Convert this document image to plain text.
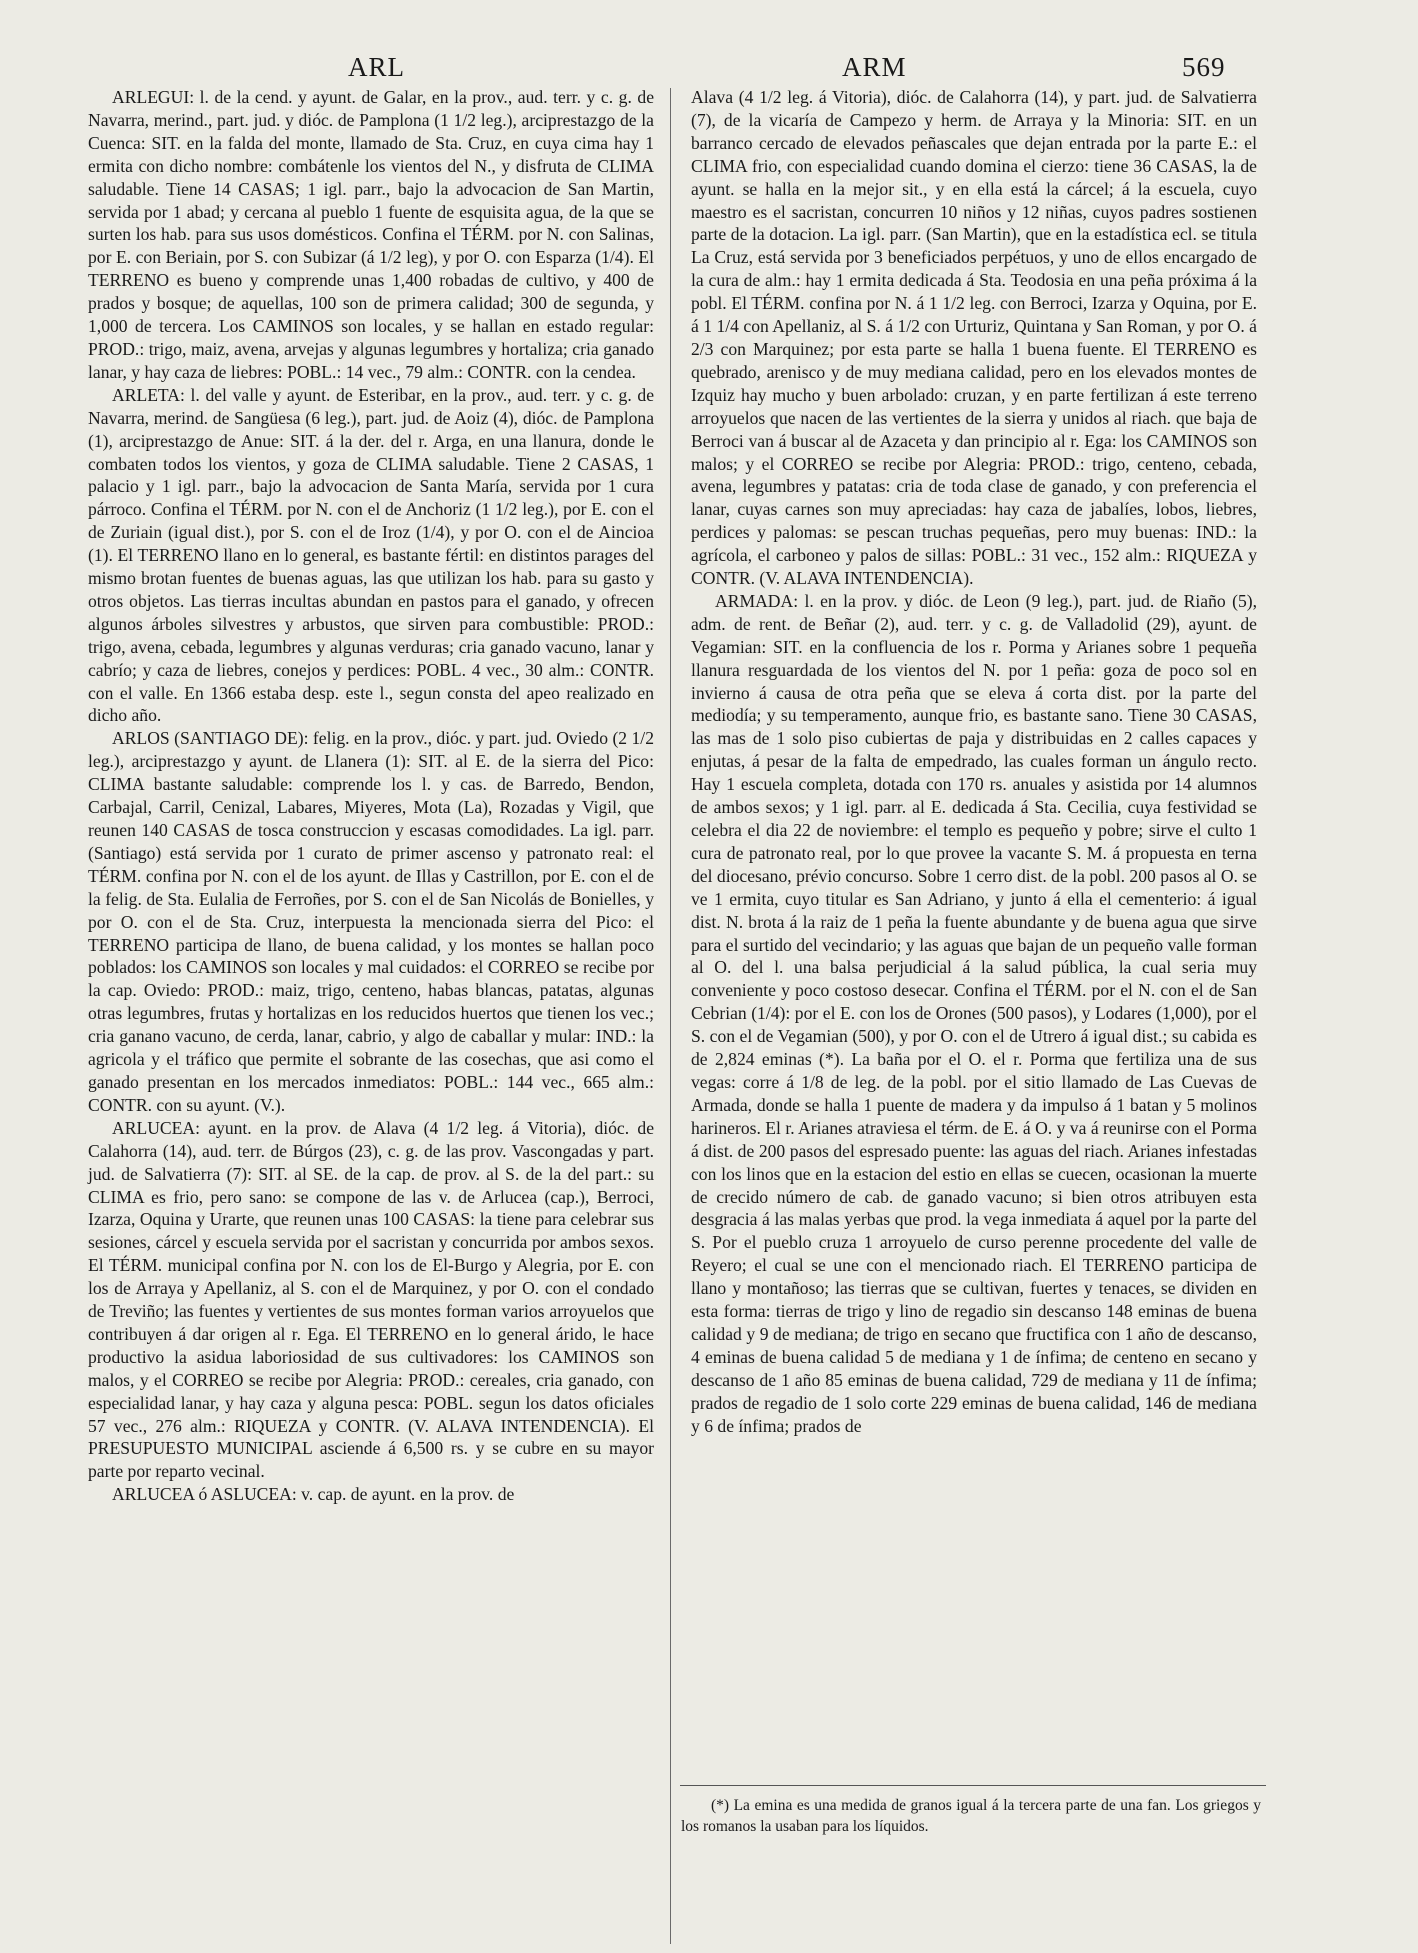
ARL	ARM	569

ARLEGUI: l. de la cend. y ayunt. de Galar, en la prov., aud. terr. y c. g. de Navarra, merind., part. jud. y dióc. de Pamplona (1 1/2 leg.), arciprestazgo de la Cuenca: SIT. en la falda del monte, llamado de Sta. Cruz, en cuya cima hay 1 ermita con dicho nombre: combátenle los vientos del N., y disfruta de CLIMA saludable. Tiene 14 CASAS; 1 igl. parr., bajo la advocacion de San Martin, servida por 1 abad; y cercana al pueblo 1 fuente de esquisita agua, de la que se surten los hab. para sus usos domésticos. Confina el TÉRM. por N. con Salinas, por E. con Beriain, por S. con Subizar (á 1/2 leg), y por O. con Esparza (1/4). El TERRENO es bueno y comprende unas 1,400 robadas de cultivo, y 400 de prados y bosque; de aquellas, 100 son de primera calidad; 300 de segunda, y 1,000 de tercera. Los CAMINOS son locales, y se hallan en estado regular: PROD.: trigo, maiz, avena, arvejas y algunas legumbres y hortaliza; cria ganado lanar, y hay caza de liebres: POBL.: 14 vec., 79 alm.: CONTR. con la cendea.

ARLETA: l. del valle y ayunt. de Esteribar, en la prov., aud. terr. y c. g. de Navarra, merind. de Sangüesa (6 leg.), part. jud. de Aoiz (4), dióc. de Pamplona (1), arciprestazgo de Anue: SIT. á la der. del r. Arga, en una llanura, donde le combaten todos los vientos, y goza de CLIMA saludable. Tiene 2 CASAS, 1 palacio y 1 igl. parr., bajo la advocacion de Santa María, servida por 1 cura párroco. Confina el TÉRM. por N. con el de Anchoriz (1 1/2 leg.), por E. con el de Zuriain (igual dist.), por S. con el de Iroz (1/4), y por O. con el de Aincioa (1). El TERRENO llano en lo general, es bastante fértil: en distintos parages del mismo brotan fuentes de buenas aguas, las que utilizan los hab. para su gasto y otros objetos. Las tierras incultas abundan en pastos para el ganado, y ofrecen algunos árboles silvestres y arbustos, que sirven para combustible: PROD.: trigo, avena, cebada, legumbres y algunas verduras; cria ganado vacuno, lanar y cabrío; y caza de liebres, conejos y perdices: POBL. 4 vec., 30 alm.: CONTR. con el valle. En 1366 estaba desp. este l., segun consta del apeo realizado en dicho año.

ARLOS (SANTIAGO DE): felig. en la prov., dióc. y part. jud. Oviedo (2 1/2 leg.), arciprestazgo y ayunt. de Llanera (1): SIT. al E. de la sierra del Pico: CLIMA bastante saludable: comprende los l. y cas. de Barredo, Bendon, Carbajal, Carril, Cenizal, Labares, Miyeres, Mota (La), Rozadas y Vigil, que reunen 140 CASAS de tosca construccion y escasas comodidades. La igl. parr. (Santiago) está servida por 1 curato de primer ascenso y patronato real: el TÉRM. confina por N. con el de los ayunt. de Illas y Castrillon, por E. con el de la felig. de Sta. Eulalia de Ferroñes, por S. con el de San Nicolás de Bonielles, y por O. con el de Sta. Cruz, interpuesta la mencionada sierra del Pico: el TERRENO participa de llano, de buena calidad, y los montes se hallan poco poblados: los CAMINOS son locales y mal cuidados: el CORREO se recibe por la cap. Oviedo: PROD.: maiz, trigo, centeno, habas blancas, patatas, algunas otras legumbres, frutas y hortalizas en los reducidos huertos que tienen los vec.; cria ganano vacuno, de cerda, lanar, cabrio, y algo de caballar y mular: IND.: la agricola y el tráfico que permite el sobrante de las cosechas, que asi como el ganado presentan en los mercados inmediatos: POBL.: 144 vec., 665 alm.: CONTR. con su ayunt. (V.).

ARLUCEA: ayunt. en la prov. de Alava (4 1/2 leg. á Vitoria), dióc. de Calahorra (14), aud. terr. de Búrgos (23), c. g. de las prov. Vascongadas y part. jud. de Salvatierra (7): SIT. al SE. de la cap. de prov. al S. de la del part.: su CLIMA es frio, pero sano: se compone de las v. de Arlucea (cap.), Berroci, Izarza, Oquina y Urarte, que reunen unas 100 CASAS: la tiene para celebrar sus sesiones, cárcel y escuela servida por el sacristan y concurrida por ambos sexos. El TÉRM. municipal confina por N. con los de El-Burgo y Alegria, por E. con los de Arraya y Apellaniz, al S. con el de Marquinez, y por O. con el condado de Treviño; las fuentes y vertientes de sus montes forman varios arroyuelos que contribuyen á dar origen al r. Ega. El TERRENO en lo general árido, le hace productivo la asidua laboriosidad de sus cultivadores: los CAMINOS son malos, y el CORREO se recibe por Alegria: PROD.: cereales, cria ganado, con especialidad lanar, y hay caza y alguna pesca: POBL. segun los datos oficiales 57 vec., 276 alm.: RIQUEZA y CONTR. (V. ALAVA INTENDENCIA). El PRESUPUESTO MUNICIPAL asciende á 6,500 rs. y se cubre en su mayor parte por reparto vecinal.

ARLUCEA ó ASLUCEA: v. cap. de ayunt. en la prov. de

Alava (4 1/2 leg. á Vitoria), dióc. de Calahorra (14), y part. jud. de Salvatierra (7), de la vicaría de Campezo y herm. de Arraya y la Minoria: SIT. en un barranco cercado de elevados peñascales que dejan entrada por la parte E.: el CLIMA frio, con especialidad cuando domina el cierzo: tiene 36 CASAS, la de ayunt. se halla en la mejor sit., y en ella está la cárcel; á la escuela, cuyo maestro es el sacristan, concurren 10 niños y 12 niñas, cuyos padres sostienen parte de la dotacion. La igl. parr. (San Martin), que en la estadística ecl. se titula La Cruz, está servida por 3 beneficiados perpétuos, y uno de ellos encargado de la cura de alm.: hay 1 ermita dedicada á Sta. Teodosia en una peña próxima á la pobl. El TÉRM. confina por N. á 1 1/2 leg. con Berroci, Izarza y Oquina, por E. á 1 1/4 con Apellaniz, al S. á 1/2 con Urturiz, Quintana y San Roman, y por O. á 2/3 con Marquinez; por esta parte se halla 1 buena fuente. El TERRENO es quebrado, arenisco y de muy mediana calidad, pero en los elevados montes de Izquiz hay mucho y buen arbolado: cruzan, y en parte fertilizan á este terreno arroyuelos que nacen de las vertientes de la sierra y unidos al riach. que baja de Berroci van á buscar al de Azaceta y dan principio al r. Ega: los CAMINOS son malos; y el CORREO se recibe por Alegria: PROD.: trigo, centeno, cebada, avena, legumbres y patatas: cria de toda clase de ganado, y con preferencia el lanar, cuyas carnes son muy apreciadas: hay caza de jabalíes, lobos, liebres, perdices y palomas: se pescan truchas pequeñas, pero muy buenas: IND.: la agrícola, el carboneo y palos de sillas: POBL.: 31 vec., 152 alm.: RIQUEZA y CONTR. (V. ALAVA INTENDENCIA).

ARMADA: l. en la prov. y dióc. de Leon (9 leg.), part. jud. de Riaño (5), adm. de rent. de Beñar (2), aud. terr. y c. g. de Valladolid (29), ayunt. de Vegamian: SIT. en la confluencia de los r. Porma y Arianes sobre 1 pequeña llanura resguardada de los vientos del N. por 1 peña: goza de poco sol en invierno á causa de otra peña que se eleva á corta dist. por la parte del mediodía; y su temperamento, aunque frio, es bastante sano. Tiene 30 CASAS, las mas de 1 solo piso cubiertas de paja y distribuidas en 2 calles capaces y enjutas, á pesar de la falta de empedrado, las cuales forman un ángulo recto. Hay 1 escuela completa, dotada con 170 rs. anuales y asistida por 14 alumnos de ambos sexos; y 1 igl. parr. al E. dedicada á Sta. Cecilia, cuya festividad se celebra el dia 22 de noviembre: el templo es pequeño y pobre; sirve el culto 1 cura de patronato real, por lo que provee la vacante S. M. á propuesta en terna del diocesano, prévio concurso. Sobre 1 cerro dist. de la pobl. 200 pasos al O. se ve 1 ermita, cuyo titular es San Adriano, y junto á ella el cementerio: á igual dist. N. brota á la raiz de 1 peña la fuente abundante y de buena agua que sirve para el surtido del vecindario; y las aguas que bajan de un pequeño valle forman al O. del l. una balsa perjudicial á la salud pública, la cual seria muy conveniente y poco costoso desecar. Confina el TÉRM. por el N. con el de San Cebrian (1/4): por el E. con los de Orones (500 pasos), y Lodares (1,000), por el S. con el de Vegamian (500), y por O. con el de Utrero á igual dist.; su cabida es de 2,824 eminas (*). La baña por el O. el r. Porma que fertiliza una de sus vegas: corre á 1/8 de leg. de la pobl. por el sitio llamado de Las Cuevas de Armada, donde se halla 1 puente de madera y da impulso á 1 batan y 5 molinos harineros. El r. Arianes atraviesa el térm. de E. á O. y va á reunirse con el Porma á dist. de 200 pasos del espresado puente: las aguas del riach. Arianes infestadas con los linos que en la estacion del estio en ellas se cuecen, ocasionan la muerte de crecido número de cab. de ganado vacuno; si bien otros atribuyen esta desgracia á las malas yerbas que prod. la vega inmediata á aquel por la parte del S. Por el pueblo cruza 1 arroyuelo de curso perenne procedente del valle de Reyero; el cual se une con el mencionado riach. El TERRENO participa de llano y montañoso; las tierras que se cultivan, fuertes y tenaces, se dividen en esta forma: tierras de trigo y lino de regadio sin descanso 148 eminas de buena calidad y 9 de mediana; de trigo en secano que fructifica con 1 año de descanso, 4 eminas de buena calidad 5 de mediana y 1 de ínfima; de centeno en secano y descanso de 1 año 85 eminas de buena calidad, 729 de mediana y 11 de ínfima; prados de regadio de 1 solo corte 229 eminas de buena calidad, 146 de mediana y 6 de ínfima; prados de

(*) La emina es una medida de granos igual á la tercera parte de una fan. Los griegos y los romanos la usaban para los líquidos.
